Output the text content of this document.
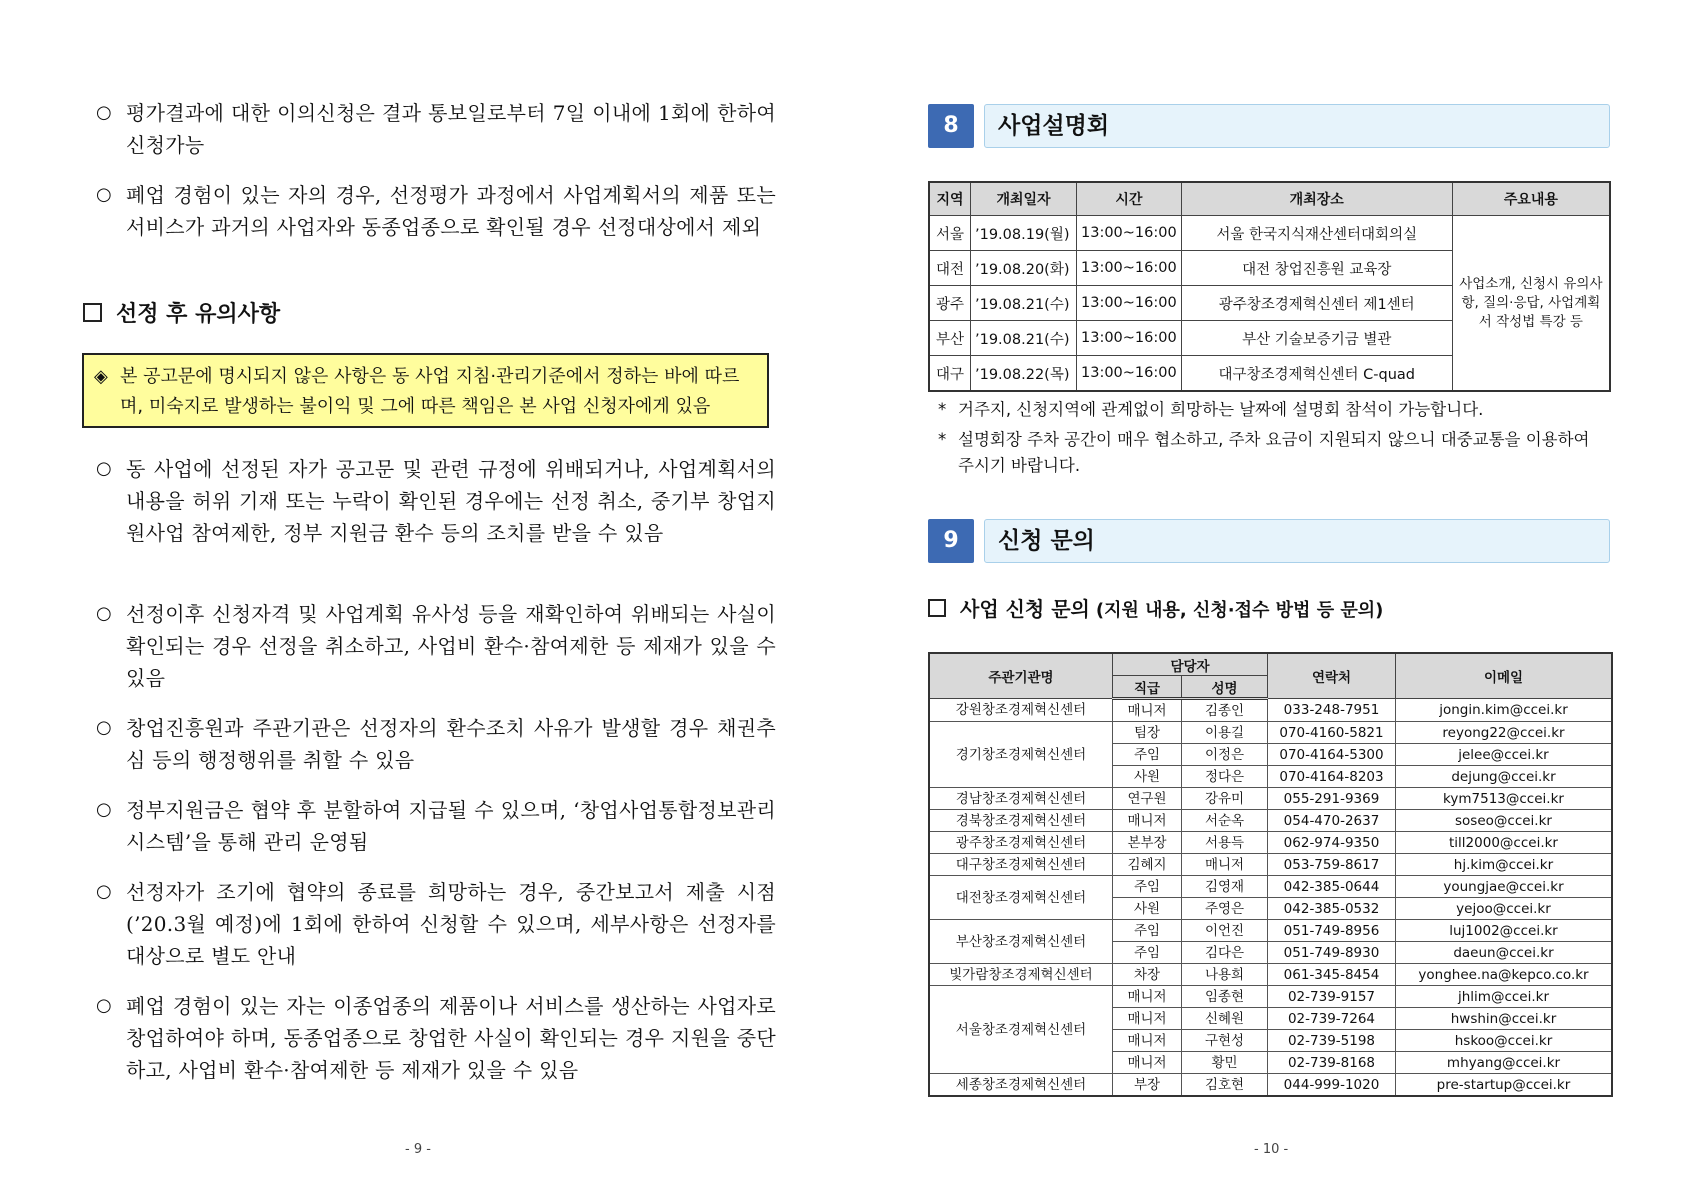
○ 평가결과에 대한 이의신청은 결과 통보일로부터 7일 이내에 1회에 한하여 신청가능
○ 폐업 경험이 있는 자의 경우, 선정평가 과정에서 사업계획서의 제품 또는 서비스가 과거의 사업자와 동종업종으로 확인될 경우 선정대상에서 제외
선정 후 유의사항
◈ 본 공고문에 명시되지 않은 사항은 동 사업 지침·관리기준에서 정하는 바에 따르며, 미숙지로 발생하는 불이익 및 그에 따른 책임은 본 사업 신청자에게 있음
○ 동 사업에 선정된 자가 공고문 및 관련 규정에 위배되거나, 사업계획서의 내용을 허위 기재 또는 누락이 확인된 경우에는 선정 취소, 중기부 창업지원사업 참여제한, 정부 지원금 환수 등의 조치를 받을 수 있음
○ 선정이후 신청자격 및 사업계획 유사성 등을 재확인하여 위배되는 사실이 확인되는 경우 선정을 취소하고, 사업비 환수·참여제한 등 제재가 있을 수 있음
○ 창업진흥원과 주관기관은 선정자의 환수조치 사유가 발생할 경우 채권추심 등의 행정행위를 취할 수 있음
○ 정부지원금은 협약 후 분할하여 지급될 수 있으며, ‘창업사업통합정보관리시스템’을 통해 관리 운영됨
○ 선정자가 조기에 협약의 종료를 희망하는 경우, 중간보고서 제출 시점(’20.3월 예정)에 1회에 한하여 신청할 수 있으며, 세부사항은 선정자를 대상으로 별도 안내
○ 폐업 경험이 있는 자는 이종업종의 제품이나 서비스를 생산하는 사업자로 창업하여야 하며, 동종업종으로 창업한 사실이 확인되는 경우 지원을 중단하고, 사업비 환수·참여제한 등 제재가 있을 수 있음
- 9 -
8	사업설명회
지역	개최일자	시간	개최장소	주요내용
서울	’19.08.19(월)	13:00~16:00	서울 한국지식재산센터대회의실	사업소개, 신청시 유의사항, 질의·응답, 사업계획서 작성법 특강 등
대전	’19.08.20(화)	13:00~16:00	대전 창업진흥원 교육장	
광주	’19.08.21(수)	13:00~16:00	광주창조경제혁신센터 제1센터	
부산	’19.08.21(수)	13:00~16:00	부산 기술보증기금 별관	
대구	’19.08.22(목)	13:00~16:00	대구창조경제혁신센터 C-quad	
* 거주지, 신청지역에 관계없이 희망하는 날짜에 설명회 참석이 가능합니다.
* 설명회장 주차 공간이 매우 협소하고, 주차 요금이 지원되지 않으니 대중교통을 이용하여 주시기 바랍니다.
9	신청 문의
사업 신청 문의 (지원 내용, 신청·접수 방법 등 문의)
주관기관명	담당자		연락처	이메일
	직급	성명		
강원창조경제혁신센터	매니저	김종인	033-248-7951	jongin.kim@ccei.kr
경기창조경제혁신센터	팀장	이용길	070-4160-5821	reyong22@ccei.kr
	주임	이정은	070-4164-5300	jelee@ccei.kr
	사원	정다은	070-4164-8203	dejung@ccei.kr
경남창조경제혁신센터	연구원	강유미	055-291-9369	kym7513@ccei.kr
경북창조경제혁신센터	매니저	서순옥	054-470-2637	soseo@ccei.kr
광주창조경제혁신센터	본부장	서용득	062-974-9350	till2000@ccei.kr
대구창조경제혁신센터	김혜지	매니저	053-759-8617	hj.kim@ccei.kr
대전창조경제혁신센터	주임	김영재	042-385-0644	youngjae@ccei.kr
	사원	주영은	042-385-0532	yejoo@ccei.kr
부산창조경제혁신센터	주임	이언진	051-749-8956	luj1002@ccei.kr
	주임	김다은	051-749-8930	daeun@ccei.kr
빛가람창조경제혁신센터	차장	나용희	061-345-8454	yonghee.na@kepco.co.kr
서울창조경제혁신센터	매니저	임종현	02-739-9157	jhlim@ccei.kr
	매니저	신혜원	02-739-7264	hwshin@ccei.kr
	매니저	구현성	02-739-5198	hskoo@ccei.kr
	매니저	황민	02-739-8168	mhyang@ccei.kr
세종창조경제혁신센터	부장	김호현	044-999-1020	pre-startup@ccei.kr
- 10 -
